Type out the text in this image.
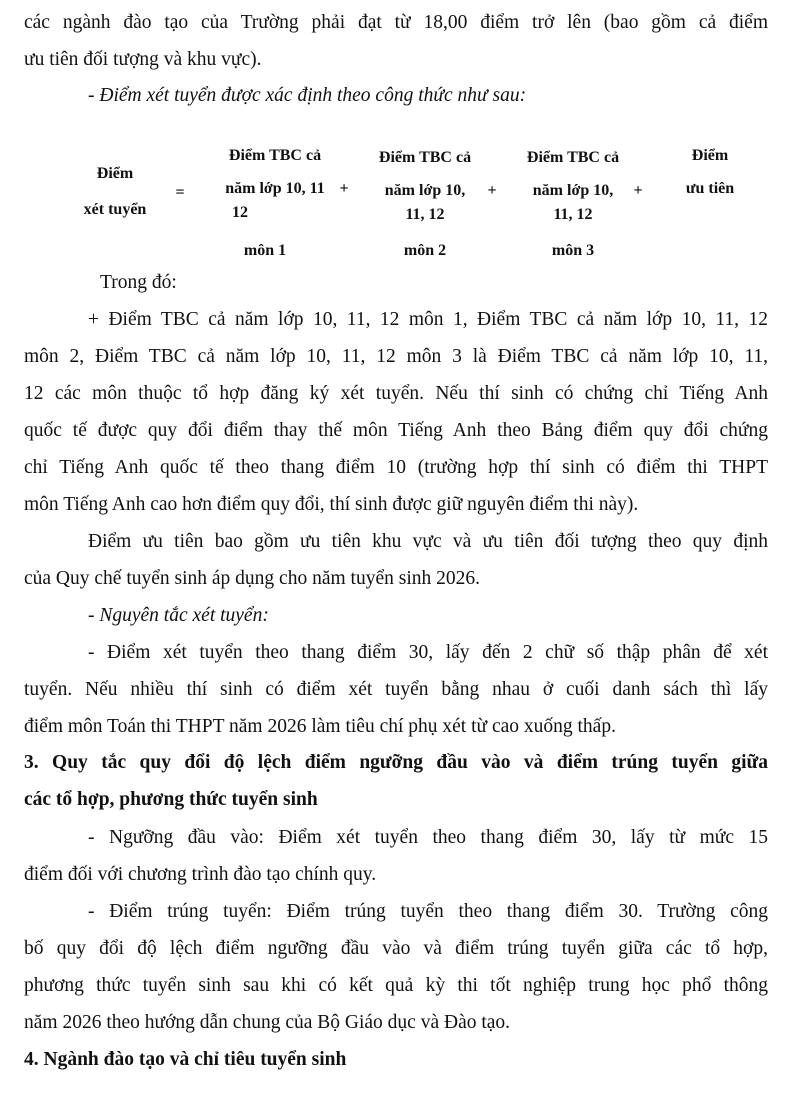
các ngành đào tạo của Trường phải đạt từ 18,00 điểm trở lên (bao gồm cả điểm
ưu tiên đối tượng và khu vực).
- Điểm xét tuyển được xác định theo công thức như sau:
Điểm
xét tuyển
=
Điểm TBC cả
năm lớp 10, 11
12
môn 1
+
Điểm TBC cả
năm lớp 10,
11, 12
môn 2
+
Điểm TBC cả
năm lớp 10,
11, 12
môn 3
+
Điểm
ưu tiên
Trong đó:
+ Điểm TBC cả năm lớp 10, 11, 12 môn 1, Điểm TBC cả năm lớp 10, 11, 12
môn 2, Điểm TBC cả năm lớp 10, 11, 12 môn 3 là Điểm TBC cả năm lớp 10, 11,
12 các môn thuộc tổ hợp đăng ký xét tuyển. Nếu thí sinh có chứng chỉ Tiếng Anh
quốc tế được quy đổi điểm thay thế môn Tiếng Anh theo Bảng điểm quy đổi chứng
chỉ Tiếng Anh quốc tế theo thang điểm 10 (trường hợp thí sinh có điểm thi THPT
môn Tiếng Anh cao hơn điểm quy đổi, thí sinh được giữ nguyên điểm thi này).
Điểm ưu tiên bao gồm ưu tiên khu vực và ưu tiên đối tượng theo quy định
của Quy chế tuyển sinh áp dụng cho năm tuyển sinh 2026.
- Nguyên tắc xét tuyển:
- Điểm xét tuyển theo thang điểm 30, lấy đến 2 chữ số thập phân để xét
tuyển. Nếu nhiều thí sinh có điểm xét tuyển bằng nhau ở cuối danh sách thì lấy
điểm môn Toán thi THPT năm 2026 làm tiêu chí phụ xét từ cao xuống thấp.
3. Quy tắc quy đổi độ lệch điểm ngưỡng đầu vào và điểm trúng tuyển giữa
các tổ hợp, phương thức tuyển sinh
- Ngưỡng đầu vào: Điểm xét tuyển theo thang điểm 30, lấy từ mức 15
điểm đối với chương trình đào tạo chính quy.
- Điểm trúng tuyển: Điểm trúng tuyển theo thang điểm 30. Trường công
bố quy đổi độ lệch điểm ngưỡng đầu vào và điểm trúng tuyển giữa các tổ hợp,
phương thức tuyển sinh sau khi có kết quả kỳ thi tốt nghiệp trung học phổ thông
năm 2026 theo hướng dẫn chung của Bộ Giáo dục và Đào tạo.
4. Ngành đào tạo và chỉ tiêu tuyển sinh
